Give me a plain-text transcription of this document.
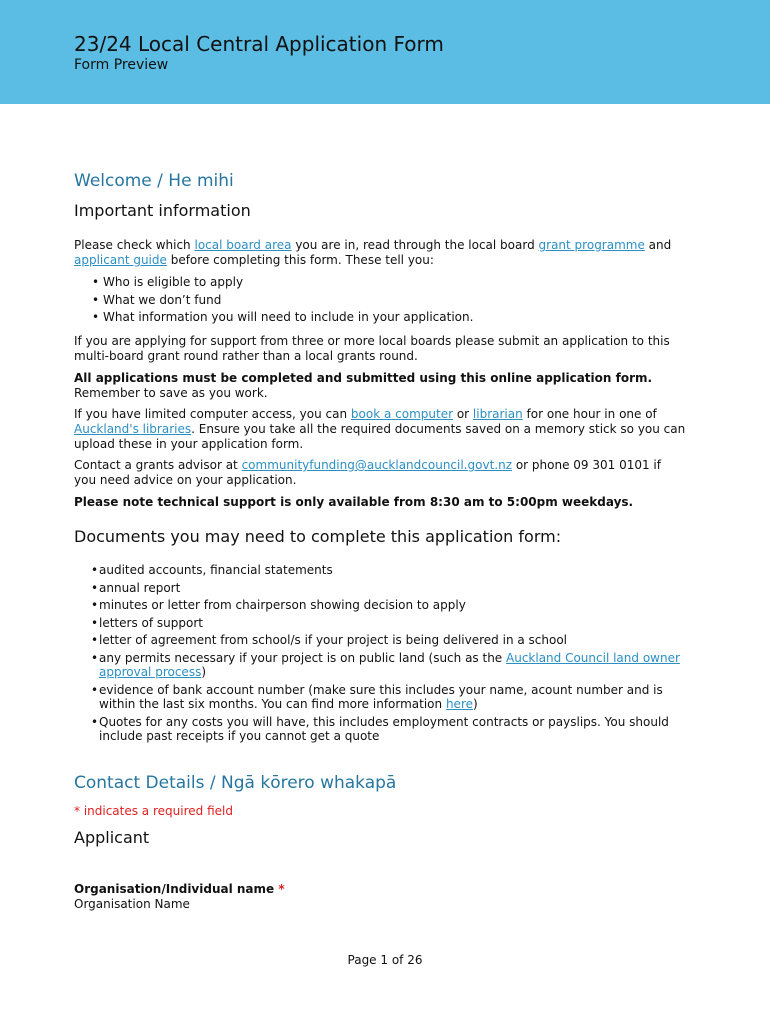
23/24 Local Central Application Form
Form Preview
Welcome / He mihi
Important information
Please check which local board area you are in, read through the local board grant programme and applicant guide before completing this form. These tell you:
• Who is eligible to apply
• What we don’t fund
• What information you will need to include in your application.
If you are applying for support from three or more local boards please submit an application to this multi-board grant round rather than a local grants round.
All applications must be completed and submitted using this online application form. Remember to save as you work.
If you have limited computer access, you can book a computer or librarian for one hour in one of Auckland's libraries. Ensure you take all the required documents saved on a memory stick so you can upload these in your application form.
Contact a grants advisor at communityfunding@aucklandcouncil.govt.nz or phone 09 301 0101 if you need advice on your application.
Please note technical support is only available from 8:30 am to 5:00pm weekdays.
Documents you may need to complete this application form:
• audited accounts, financial statements
• annual report
• minutes or letter from chairperson showing decision to apply
• letters of support
• letter of agreement from school/s if your project is being delivered in a school
• any permits necessary if your project is on public land (such as the Auckland Council land owner approval process)
• evidence of bank account number (make sure this includes your name, acount number and is within the last six months. You can find more information here)
• Quotes for any costs you will have, this includes employment contracts or payslips. You should include past receipts if you cannot get a quote
Contact Details / Ngā kōrero whakapā
* indicates a required field
Applicant
Organisation/Individual name *
Organisation Name
Page 1 of 26
